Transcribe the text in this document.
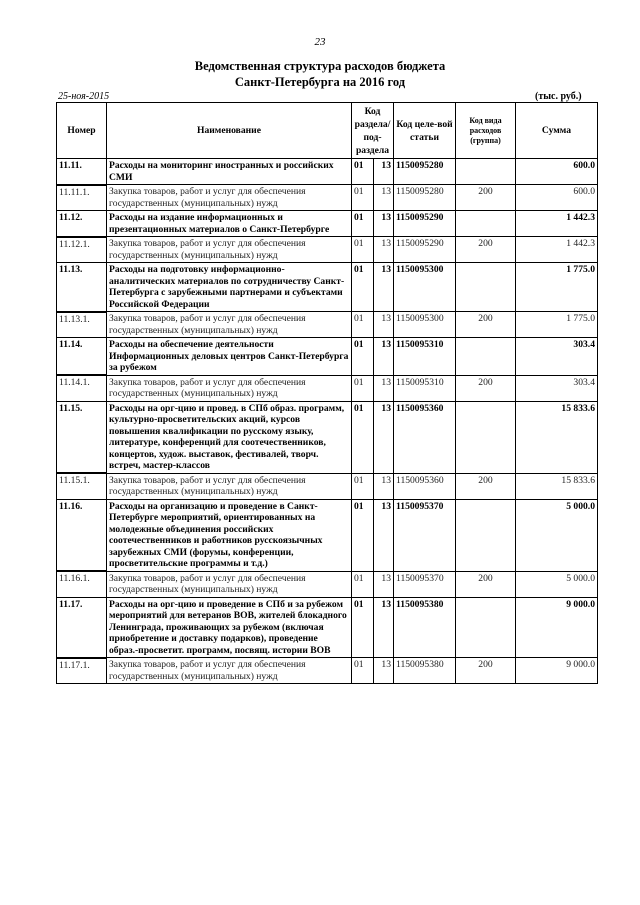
23
Ведомственная структура расходов бюджета
Санкт-Петербурга на 2016 год
25-ноя-2015	(тыс. руб.)
Номер	Наименование	Код раздела/ под-раздела		Код целе-вой статьи	Код вида расходов (группа)	Сумма
11.11.	Расходы на мониторинг иностранных и российских СМИ	01	13	1150095280		600.0
11.11.1.	Закупка товаров, работ и услуг для обеспечения государственных (муниципальных) нужд	01	13	1150095280	200	600.0
11.12.	Расходы на издание информационных и презентационных материалов о Санкт-Петербурге	01	13	1150095290		1 442.3
11.12.1.	Закупка товаров, работ и услуг для обеспечения государственных (муниципальных) нужд	01	13	1150095290	200	1 442.3
11.13.	Расходы на подготовку информационно-аналитических материалов по сотрудничеству Санкт-Петербурга с зарубежными партнерами и субъектами Российской Федерации	01	13	1150095300		1 775.0
11.13.1.	Закупка товаров, работ и услуг для обеспечения государственных (муниципальных) нужд	01	13	1150095300	200	1 775.0
11.14.	Расходы на обеспечение деятельности Информационных деловых центров Санкт-Петербурга за рубежом	01	13	1150095310		303.4
11.14.1.	Закупка товаров, работ и услуг для обеспечения государственных (муниципальных) нужд	01	13	1150095310	200	303.4
11.15.	Расходы на орг-цию и провед. в СПб образ. программ, культурно-просветительских акций, курсов повышения квалификации по русскому языку, литературе, конференций для соотечественников, концертов, худож. выставок, фестивалей, творч. встреч, мастер-классов	01	13	1150095360		15 833.6
11.15.1.	Закупка товаров, работ и услуг для обеспечения государственных (муниципальных) нужд	01	13	1150095360	200	15 833.6
11.16.	Расходы на организацию и проведение в Санкт-Петербурге мероприятий, ориентированных на молодежные объединения российских соотечественников и работников русскоязычных зарубежных СМИ (форумы, конференции, просветительские программы и т.д.)	01	13	1150095370		5 000.0
11.16.1.	Закупка товаров, работ и услуг для обеспечения государственных (муниципальных) нужд	01	13	1150095370	200	5 000.0
11.17.	Расходы на орг-цию и проведение в СПб и за рубежом мероприятий для ветеранов ВОВ, жителей блокадного Ленинграда, проживающих за рубежом (включая приобретение и доставку подарков), проведение образ.-просветит. программ, посвящ. истории ВОВ	01	13	1150095380		9 000.0
11.17.1.	Закупка товаров, работ и услуг для обеспечения государственных (муниципальных) нужд	01	13	1150095380	200	9 000.0
